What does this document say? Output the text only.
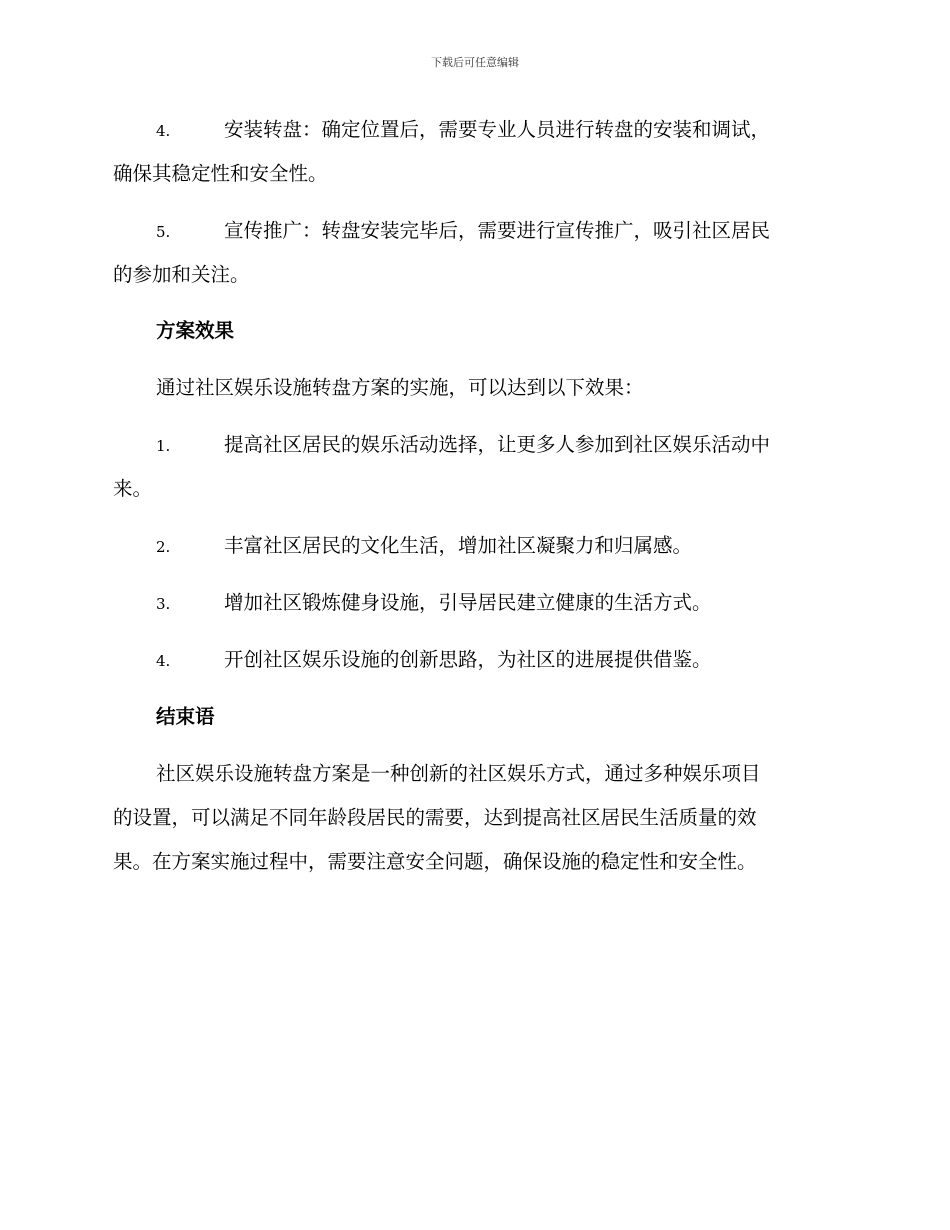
下载后可任意编辑
4.	安装转盘：确定位置后，需要专业人员进行转盘的安装和调试，
确保其稳定性和安全性。
5.	宣传推广：转盘安装完毕后，需要进行宣传推广，吸引社区居民
的参加和关注。
方案效果
通过社区娱乐设施转盘方案的实施，可以达到以下效果：
1.	提高社区居民的娱乐活动选择，让更多人参加到社区娱乐活动中
来。
2.	丰富社区居民的文化生活，增加社区凝聚力和归属感。
3.	增加社区锻炼健身设施，引导居民建立健康的生活方式。
4.	开创社区娱乐设施的创新思路，为社区的进展提供借鉴。
结束语
社区娱乐设施转盘方案是一种创新的社区娱乐方式，通过多种娱乐项目
的设置，可以满足不同年龄段居民的需要，达到提高社区居民生活质量的效
果。在方案实施过程中，需要注意安全问题，确保设施的稳定性和安全性。
